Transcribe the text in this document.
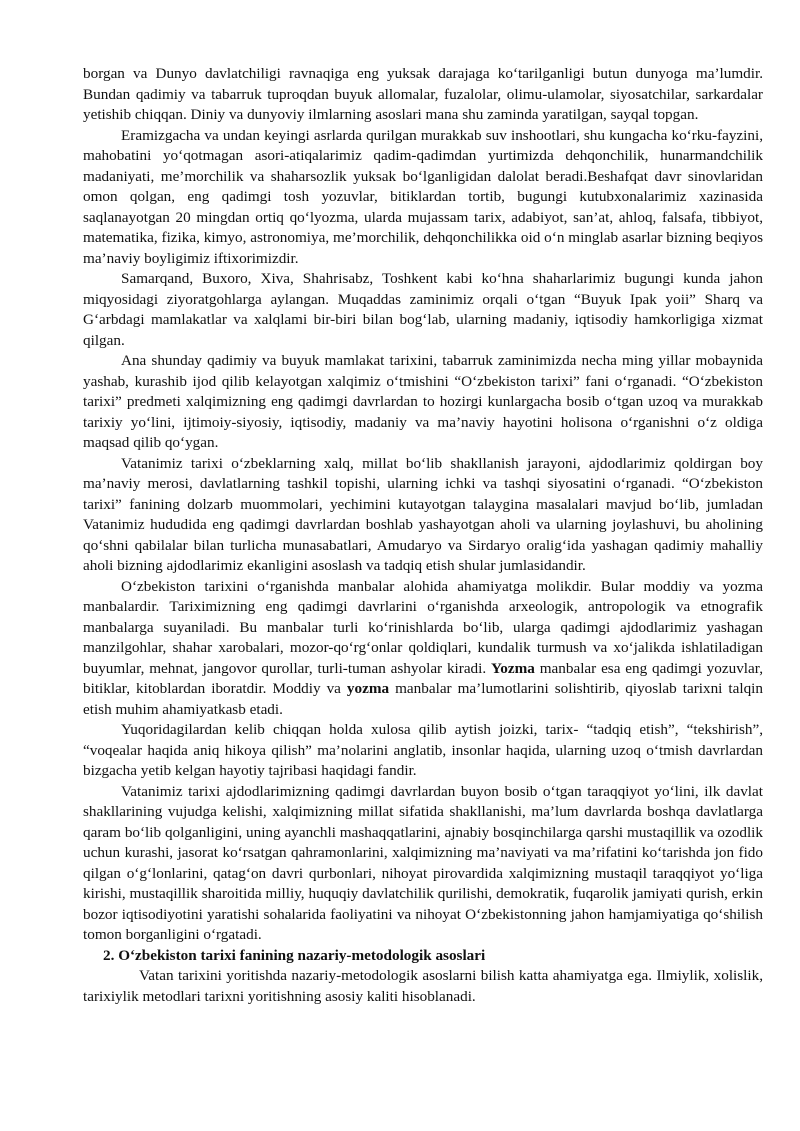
borgan va Dunyo davlatchiligi ravnaqiga eng yuksak darajaga ko‘tarilganligi butun dunyoga ma’lumdir. Bundan qadimiy va tabarruk tuproqdan buyuk allomalar, fuzalolar, olimu-ulamolar, siyosatchilar, sarkardalar yetishib chiqqan. Diniy va dunyoviy ilmlarning asoslari mana shu zaminda yaratilgan, sayqal topgan.

Eramizgacha va undan keyingi asrlarda qurilgan murakkab suv inshootlari, shu kungacha ko‘rku-fayzini, mahobatini yo‘qotmagan asori-atiqalarimiz qadim-qadimdan yurtimizda dehqonchilik, hunarmandchilik madaniyati, me’morchilik va shaharsozlik yuksak bo‘lganligidan dalolat beradi.Beshafqat davr sinovlaridan omon qolgan, eng qadimgi tosh yozuvlar, bitiklardan tortib, bugungi kutubxonalarimiz xazinasida saqlanayotgan 20 mingdan ortiq qo‘lyozma, ularda mujassam tarix, adabiyot, san’at, ahloq, falsafa, tibbiyot, matematika, fizika, kimyo, astronomiya, me’morchilik, dehqonchilikka oid o‘n minglab asarlar bizning beqiyos ma’naviy boyligimiz iftixorimizdir.

Samarqand, Buxoro, Xiva, Shahrisabz, Toshkent kabi ko‘hna shaharlarimiz bugungi kunda jahon miqyosidagi ziyoratgohlarga aylangan. Muqaddas zaminimiz orqali o‘tgan “Buyuk Ipak yoii” Sharq va G‘arbdagi mamlakatlar va xalqlami bir-biri bilan bog‘lab, ularning madaniy, iqtisodiy hamkorligiga xizmat qilgan.

Ana shunday qadimiy va buyuk mamlakat tarixini, tabarruk zaminimizda necha ming yillar mobaynida yashab, kurashib ijod qilib kelayotgan xalqimiz o‘tmishini “O‘zbekiston tarixi” fani o‘rganadi. “O‘zbekiston tarixi” predmeti xalqimizning eng qadimgi davrlardan to hozirgi kunlargacha bosib o‘tgan uzoq va murakkab tarixiy yo‘lini, ijtimoiy-siyosiy, iqtisodiy, madaniy va ma’naviy hayotini holisona o‘rganishni o‘z oldiga maqsad qilib qo‘ygan.

Vatanimiz tarixi o‘zbeklarning xalq, millat bo‘lib shakllanish jarayoni, ajdodlarimiz qoldirgan boy ma’naviy merosi, davlatlarning tashkil topishi, ularning ichki va tashqi siyosatini o‘rganadi. “O‘zbekiston tarixi” fanining dolzarb muommolari, yechimini kutayotgan talaygina masalalari mavjud bo‘lib, jumladan Vatanimiz hududida eng qadimgi davrlardan boshlab yashayotgan aholi va ularning joylashuvi, bu aholining qo‘shni qabilalar bilan turlicha munasabatlari, Amudaryo va Sirdaryo oralig‘ida yashagan qadimiy mahalliy aholi bizning ajdodlarimiz ekanligini asoslash va tadqiq etish shular jumlasidandir.

O‘zbekiston tarixini o‘rganishda manbalar alohida ahamiyatga molikdir. Bular moddiy va yozma manbalardir. Tariximizning eng qadimgi davrlarini o‘rganishda arxeologik, antropologik va etnografik manbalarga suyaniladi. Bu manbalar turli ko‘rinishlarda bo‘lib, ularga qadimgi ajdodlarimiz yashagan manzilgohlar, shahar xarobalari, mozor-qo‘rg‘onlar qoldiqlari, kundalik turmush va xo‘jalikda ishlatiladigan buyumlar, mehnat, jangovor qurollar, turli-tuman ashyolar kiradi. Yozma manbalar esa eng qadimgi yozuvlar, bitiklar, kitoblardan iboratdir. Moddiy va yozma manbalar ma’lumotlarini solishtirib, qiyoslab tarixni talqin etish muhim ahamiyatkasb etadi.

Yuqoridagilardan kelib chiqqan holda xulosa qilib aytish joizki, tarix- “tadqiq etish”, “tekshirish”, “voqealar haqida aniq hikoya qilish” ma’nolarini anglatib, insonlar haqida, ularning uzoq o‘tmish davrlardan bizgacha yetib kelgan hayotiy tajribasi haqidagi fandir.

Vatanimiz tarixi ajdodlarimizning qadimgi davrlardan buyon bosib o‘tgan taraqqiyot yo‘lini, ilk davlat shakllarining vujudga kelishi, xalqimizning millat sifatida shakllanishi, ma’lum davrlarda boshqa davlatlarga qaram bo‘lib qolganligini, uning ayanchli mashaqqatlarini, ajnabiy bosqinchilarga qarshi mustaqillik va ozodlik uchun kurashi, jasorat ko‘rsatgan qahramonlarini, xalqimizning ma’naviyati va ma’rifatini ko‘tarishda jon fido qilgan o‘g‘lonlarini, qatag‘on davri qurbonlari, nihoyat pirovardida xalqimizning mustaqil taraqqiyot yo‘liga kirishi, mustaqillik sharoitida milliy, huquqiy davlatchilik qurilishi, demokratik, fuqarolik jamiyati qurish, erkin bozor iqtisodiyotini yaratishi sohalarida faoliyatini va nihoyat O‘zbekistonning jahon hamjamiyatiga qo‘shilish tomon borganligini o‘rgatadi.

2. O‘zbekiston tarixi fanining nazariy-metodologik asoslari

Vatan tarixini yoritishda nazariy-metodologik asoslarni bilish katta ahamiyatga ega. Ilmiylik, xolislik, tarixiylik metodlari tarixni yoritishning asosiy kaliti hisoblanadi.
